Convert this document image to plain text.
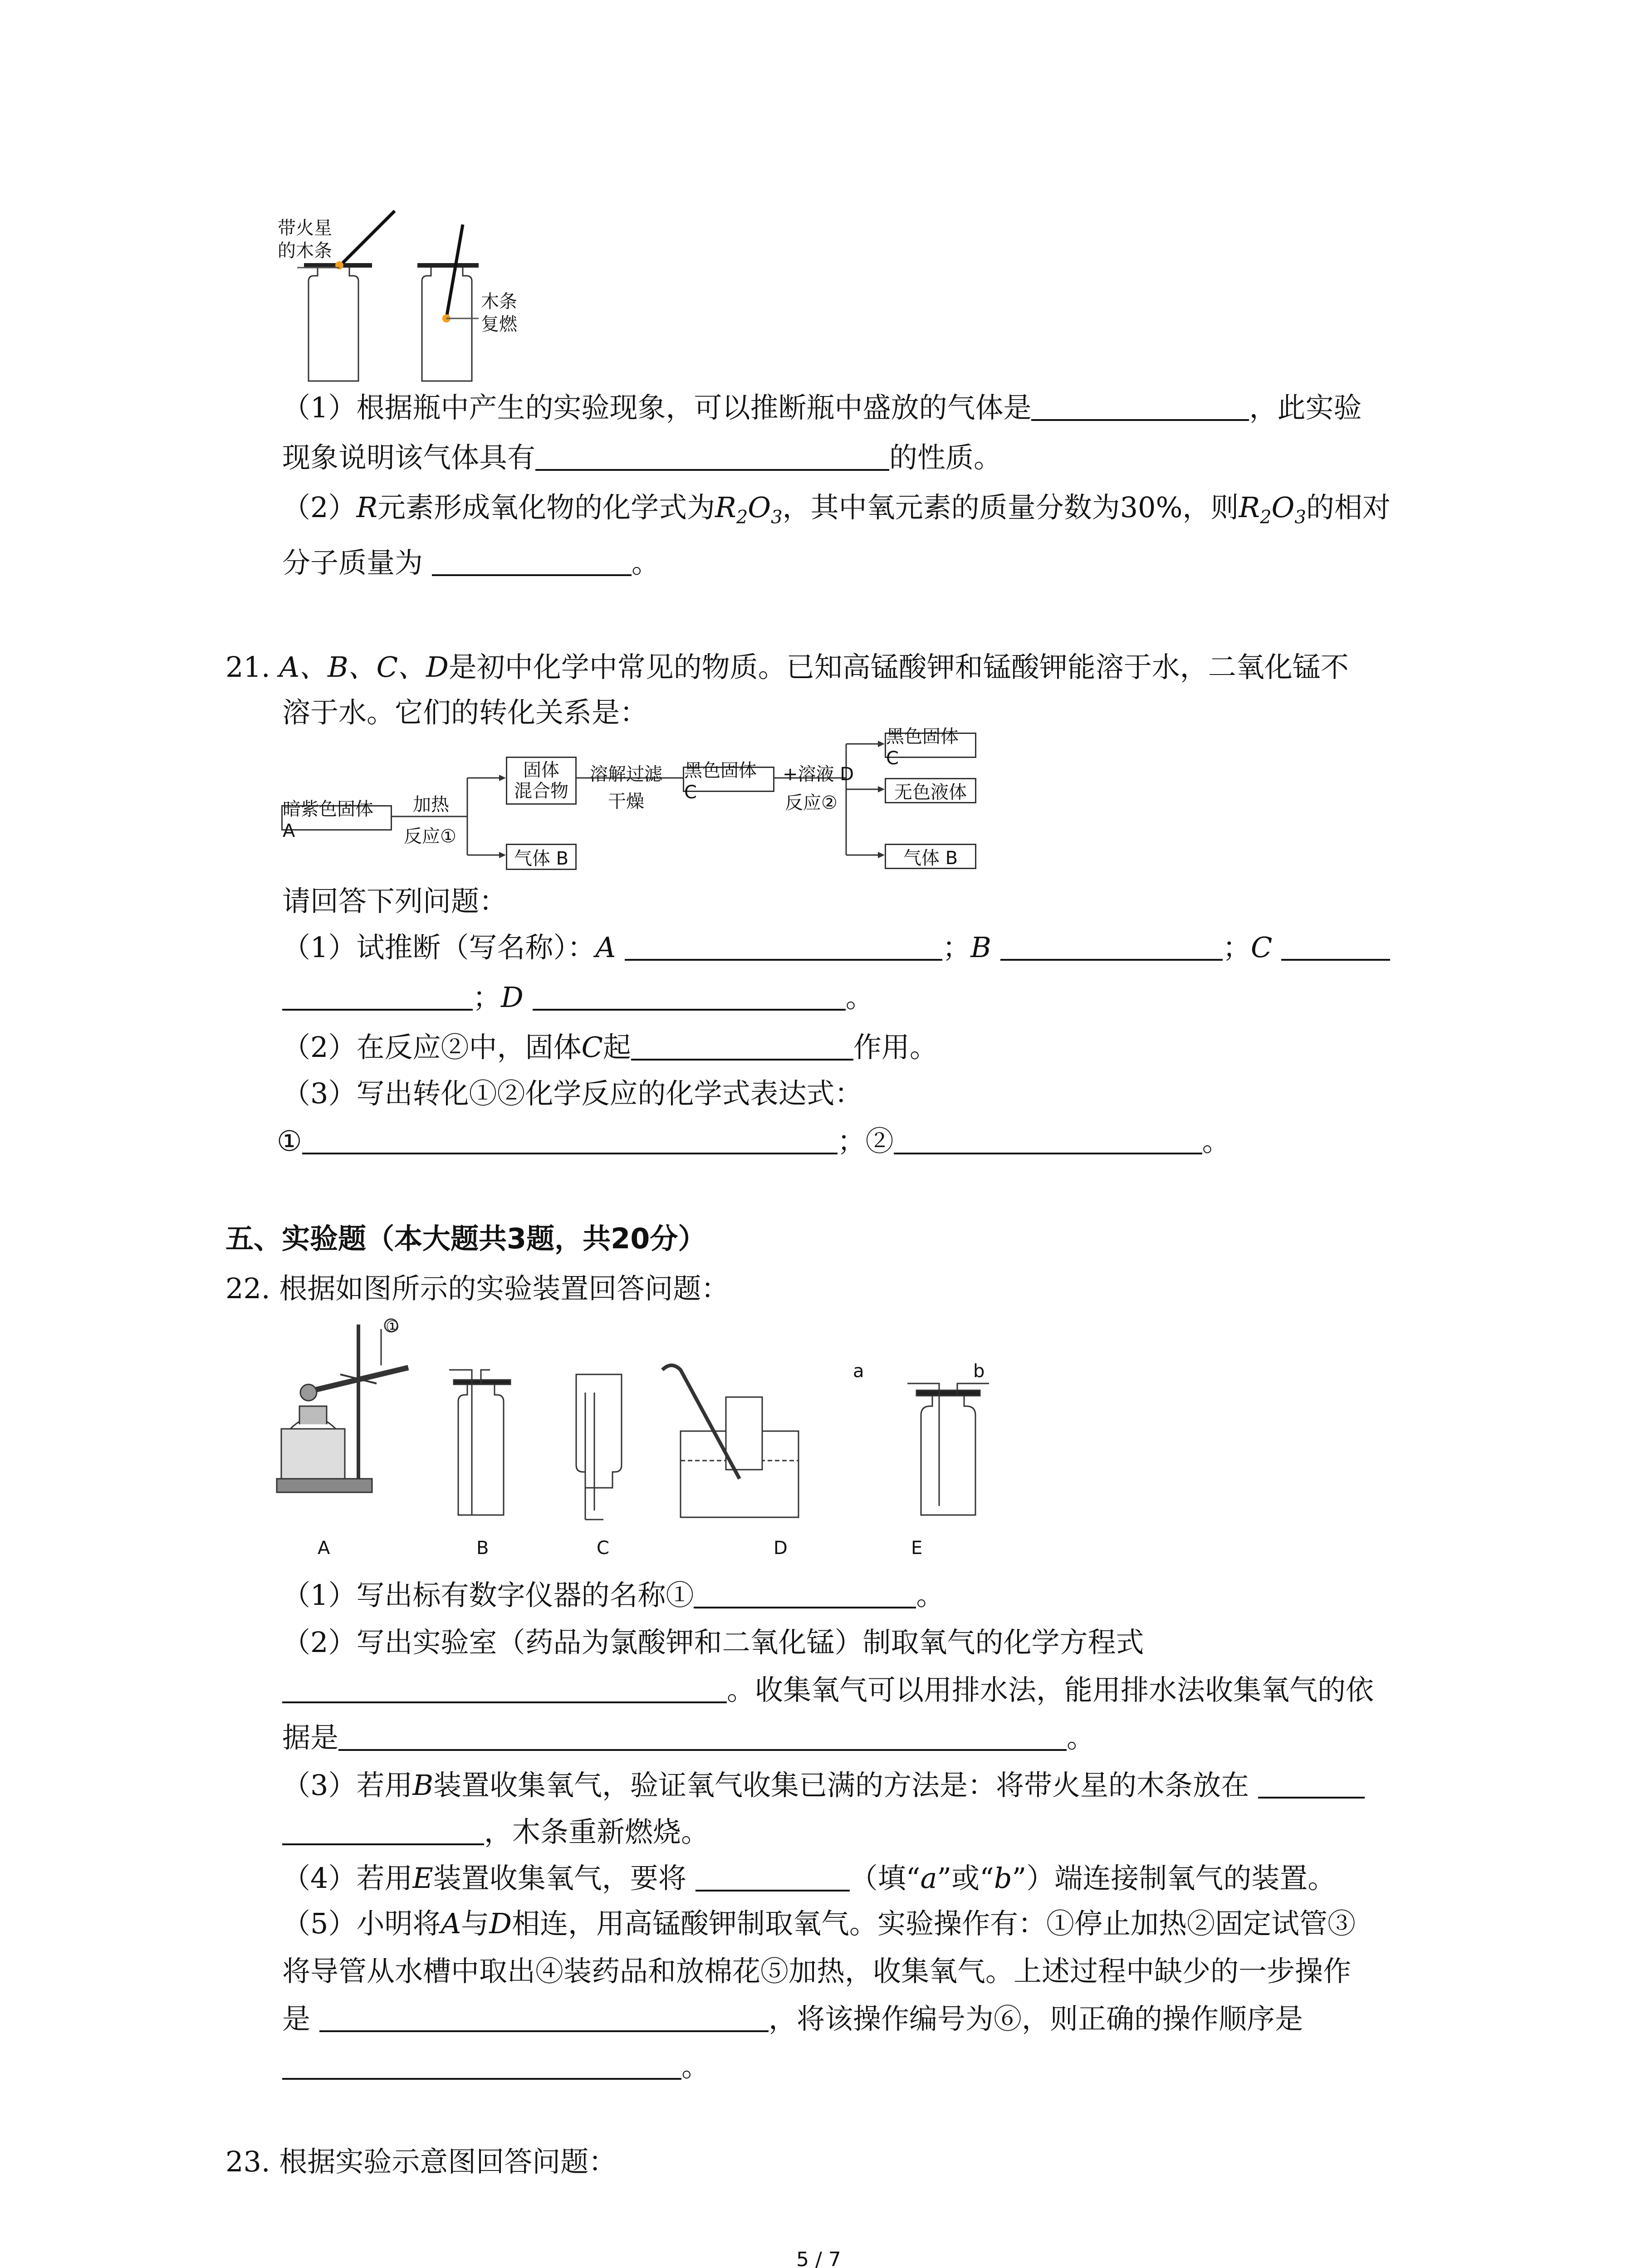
带火星
的木条
木条
复燃
（1）根据瓶中产生的实验现象，可以推断瓶中盛放的气体是	，此实验
现象说明该气体具有	的性质。
（2）R元素形成氧化物的化学式为$R_2O_3$，其中氧元素的质量分数为30%，则$R_2O_3$的相对
分子质量为	。
21. A、B、C、D是初中化学中常见的物质。已知高锰酸钾和锰酸钾能溶于水，二氧化锰不
溶于水。它们的转化关系是：
暗紫色固体 A
加热
反应①
固体
混合物
气体 B
溶解过滤
干燥
黑色固体 C
+溶液 D
反应②
黑色固体 C
无色液体
气体 B
请回答下列问题：
（1）试推断（写名称）：A	；B	；C
；D	。
（2）在反应②中，固体C起	作用。
（3）写出转化①②化学反应的化学式表达式：
①	；②	。
五、实验题（本大题共3题，共20分）
22. 根据如图所示的实验装置回答问题：
①
a	b
A	B	C	D	E
（1）写出标有数字仪器的名称①	。
（2）写出实验室（药品为氯酸钾和二氧化锰）制取氧气的化学方程式
。收集氧气可以用排水法，能用排水法收集氧气的依
据是	。
（3）若用B装置收集氧气，验证氧气收集已满的方法是：将带火星的木条放在
，木条重新燃烧。
（4）若用E装置收集氧气，要将	（填“a”或“b”）端连接制氧气的装置。
（5）小明将A与D相连，用高锰酸钾制取氧气。实验操作有：①停止加热②固定试管③
将导管从水槽中取出④装药品和放棉花⑤加热，收集氧气。上述过程中缺少的一步操作
是	，将该操作编号为⑥，则正确的操作顺序是
。
23. 根据实验示意图回答问题：
5 / 7
